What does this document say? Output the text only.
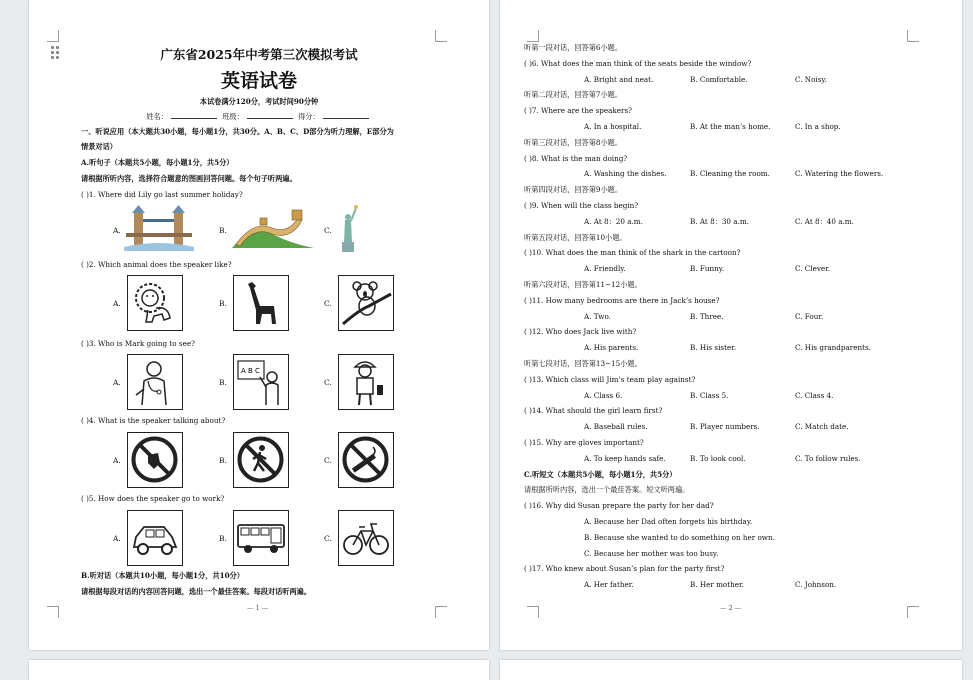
广东省2025年中考第三次模拟考试
英语试卷
本试卷满分120分，考试时间90分钟
姓名：	班级：	得分：
一、听说应用（本大题共30小题，每小题1分，共30分。A、B、C、D部分为听力理解，E部分为
情景对话）
A.听句子（本题共5小题，每小题1分，共5分）
请根据所听内容，选择符合题意的图画回答问题。每个句子听两遍。
( )1. Where did Lily go last summer holiday?
A.	B.	C.
( )2. Which animal does the speaker like?
A.	B.	C.
( )3. Who is Mark going to see?
A.	B.	C.
A B C
( )4. What is the speaker talking about?
A.	B.	C.
( )5. How does the speaker go to work?
A.	B.	C.
B.听对话（本题共10小题，每小题1分，共10分）
请根据每段对话的内容回答问题，选出一个最佳答案。每段对话听两遍。
— 1 —
听第一段对话，回答第6小题。
( )6. What does the man think of the seats beside the window?
A. Bright and neat.	B. Comfortable.	C. Noisy.
听第二段对话，回答第7小题。
( )7. Where are the speakers?
A. In a hospital.	B. At the man’s home.	C. In a shop.
听第三段对话，回答第8小题。
( )8. What is the man doing?
A. Washing the dishes.	B. Cleaning the room.	C. Watering the flowers.
听第四段对话，回答第9小题。
( )9. When will the class begin?
A. At 8：20 a.m.	B. At 8：30 a.m.	C. At 8：40 a.m.
听第五段对话，回答第10小题。
( )10. What does the man think of the shark in the cartoon?
A. Friendly.	B. Funny.	C. Clever.
听第六段对话，回答第11~12小题。
( )11. How many bedrooms are there in Jack’s house?
A. Two.	B. Three.	C. Four.
( )12. Who does Jack live with?
A. His parents.	B. His sister.	C. His grandparents.
听第七段对话，回答第13~15小题。
( )13. Which class will Jim’s team play against?
A. Class 6.	B. Class 5.	C. Class 4.
( )14. What should the girl learn first?
A. Baseball rules.	B. Player numbers.	C. Match date.
( )15. Why are gloves important?
A. To keep hands safe.	B. To look cool.	C. To follow rules.
C.听短文（本题共5小题，每小题1分，共5分）
请根据所听内容，选出一个最佳答案。短文听两遍。
( )16. Why did Susan prepare the party for her dad?
A. Because her Dad often forgets his birthday.
B. Because she wanted to do something on her own.
C. Because her mother was too busy.
( )17. Who knew about Susan’s plan for the party first?
A. Her father.	B. Her mother.	C. Johnson.
— 2 —
